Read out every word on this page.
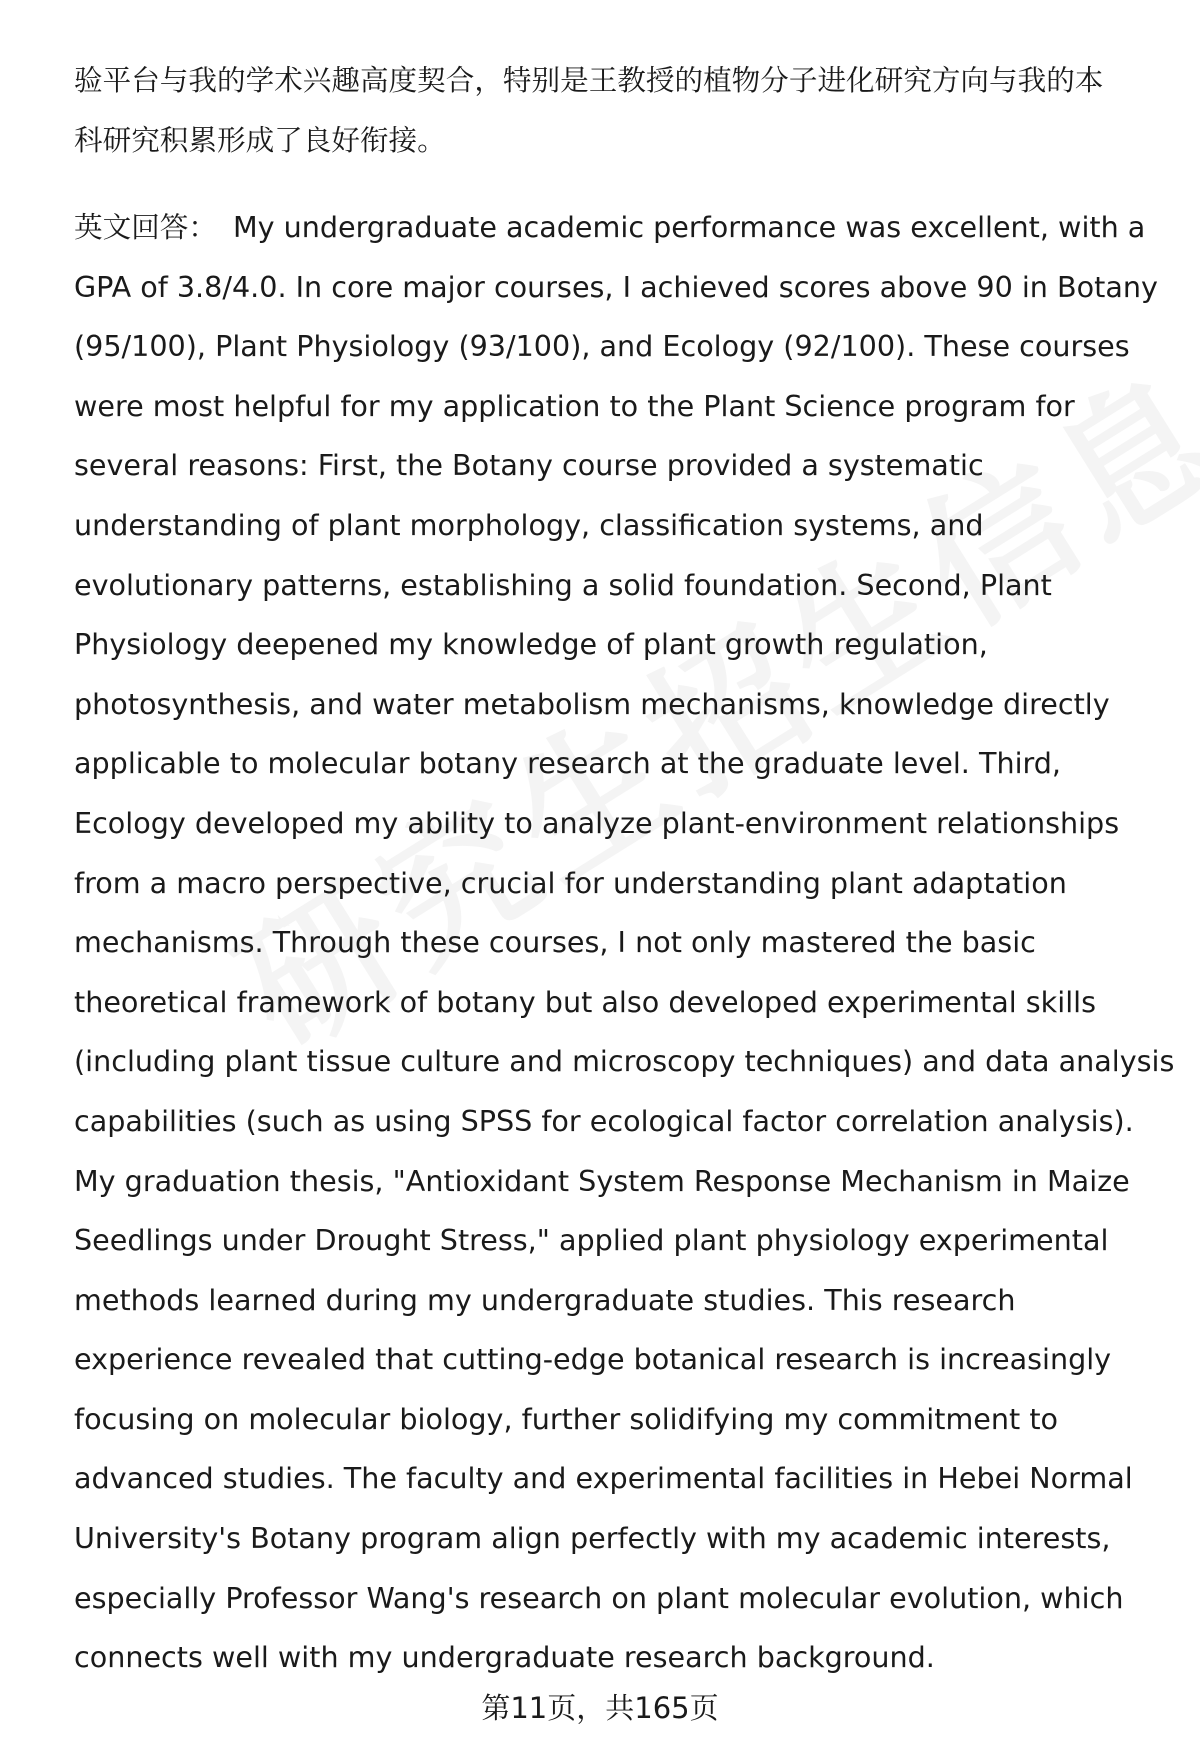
验平台与我的学术兴趣高度契合，特别是王教授的植物分子进化研究方向与我的本
科研究积累形成了良好衔接。
英文回答： My undergraduate academic performance was excellent, with a
GPA of 3.8/4.0. In core major courses, I achieved scores above 90 in Botany
(95/100), Plant Physiology (93/100), and Ecology (92/100). These courses
were most helpful for my application to the Plant Science program for
several reasons: First, the Botany course provided a systematic
understanding of plant morphology, classification systems, and
evolutionary patterns, establishing a solid foundation. Second, Plant
Physiology deepened my knowledge of plant growth regulation,
photosynthesis, and water metabolism mechanisms, knowledge directly
applicable to molecular botany research at the graduate level. Third,
Ecology developed my ability to analyze plant-environment relationships
from a macro perspective, crucial for understanding plant adaptation
mechanisms. Through these courses, I not only mastered the basic
theoretical framework of botany but also developed experimental skills
(including plant tissue culture and microscopy techniques) and data analysis
capabilities (such as using SPSS for ecological factor correlation analysis).
My graduation thesis, "Antioxidant System Response Mechanism in Maize
Seedlings under Drought Stress," applied plant physiology experimental
methods learned during my undergraduate studies. This research
experience revealed that cutting-edge botanical research is increasingly
focusing on molecular biology, further solidifying my commitment to
advanced studies. The faculty and experimental facilities in Hebei Normal
University's Botany program align perfectly with my academic interests,
especially Professor Wang's research on plant molecular evolution, which
connects well with my undergraduate research background.
第11页，共165页
